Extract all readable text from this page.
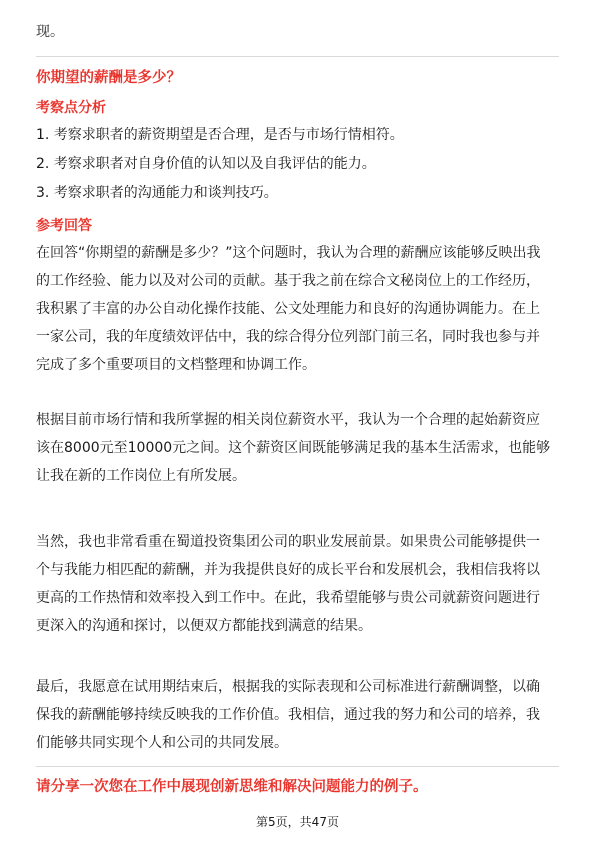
现。
你期望的薪酬是多少？
考察点分析
1. 考察求职者的薪资期望是否合理，是否与市场行情相符。
2. 考察求职者对自身价值的认知以及自我评估的能力。
3. 考察求职者的沟通能力和谈判技巧。
参考回答
在回答“你期望的薪酬是多少？”这个问题时，我认为合理的薪酬应该能够反映出我
的工作经验、能力以及对公司的贡献。基于我之前在综合文秘岗位上的工作经历，
我积累了丰富的办公自动化操作技能、公文处理能力和良好的沟通协调能力。在上
一家公司，我的年度绩效评估中，我的综合得分位列部门前三名，同时我也参与并
完成了多个重要项目的文档整理和协调工作。
根据目前市场行情和我所掌握的相关岗位薪资水平，我认为一个合理的起始薪资应
该在8000元至10000元之间。这个薪资区间既能够满足我的基本生活需求，也能够
让我在新的工作岗位上有所发展。
当然，我也非常看重在蜀道投资集团公司的职业发展前景。如果贵公司能够提供一
个与我能力相匹配的薪酬，并为我提供良好的成长平台和发展机会，我相信我将以
更高的工作热情和效率投入到工作中。在此，我希望能够与贵公司就薪资问题进行
更深入的沟通和探讨，以便双方都能找到满意的结果。
最后，我愿意在试用期结束后，根据我的实际表现和公司标准进行薪酬调整，以确
保我的薪酬能够持续反映我的工作价值。我相信，通过我的努力和公司的培养，我
们能够共同实现个人和公司的共同发展。
请分享一次您在工作中展现创新思维和解决问题能力的例子。
第5页，共47页
